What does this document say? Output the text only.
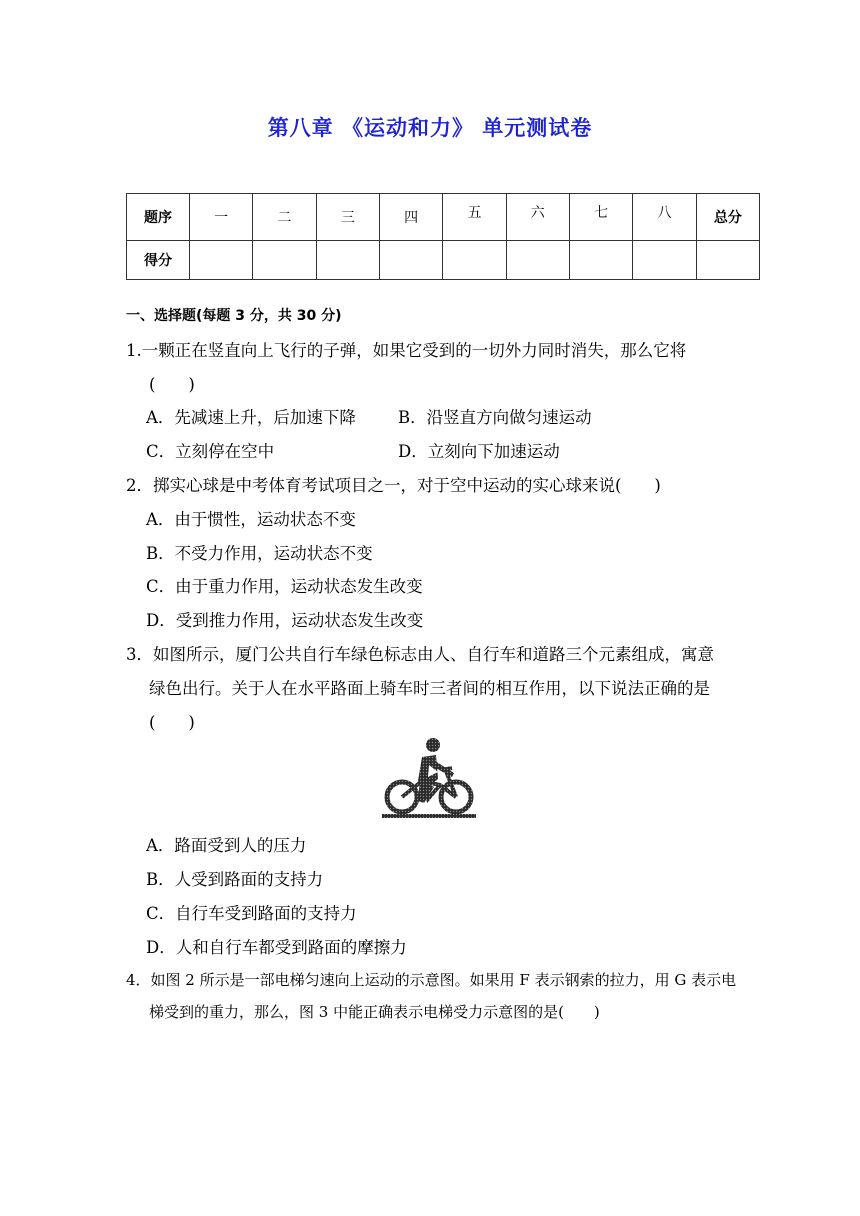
第八章 《运动和力》 单元测试卷
题序	一	二	三	四	五	六	七	八	总分
得分									
一、选择题(每题 3 分，共 30 分)
1.一颗正在竖直向上飞行的子弹，如果它受到的一切外力同时消失，那么它将
(　　)
A．先减速上升，后加速下降	B．沿竖直方向做匀速运动
C．立刻停在空中	D．立刻向下加速运动
2．掷实心球是中考体育考试项目之一，对于空中运动的实心球来说(　　)
A．由于惯性，运动状态不变
B．不受力作用，运动状态不变
C．由于重力作用，运动状态发生改变
D．受到推力作用，运动状态发生改变
3．如图所示，厦门公共自行车绿色标志由人、自行车和道路三个元素组成，寓意
绿色出行。关于人在水平路面上骑车时三者间的相互作用，以下说法正确的是
(　　)
A．路面受到人的压力
B．人受到路面的支持力
C．自行车受到路面的支持力
D．人和自行车都受到路面的摩擦力
4．如图 2 所示是一部电梯匀速向上运动的示意图。如果用 F 表示钢索的拉力，用 G 表示电
梯受到的重力，那么，图 3 中能正确表示电梯受力示意图的是(　　)
